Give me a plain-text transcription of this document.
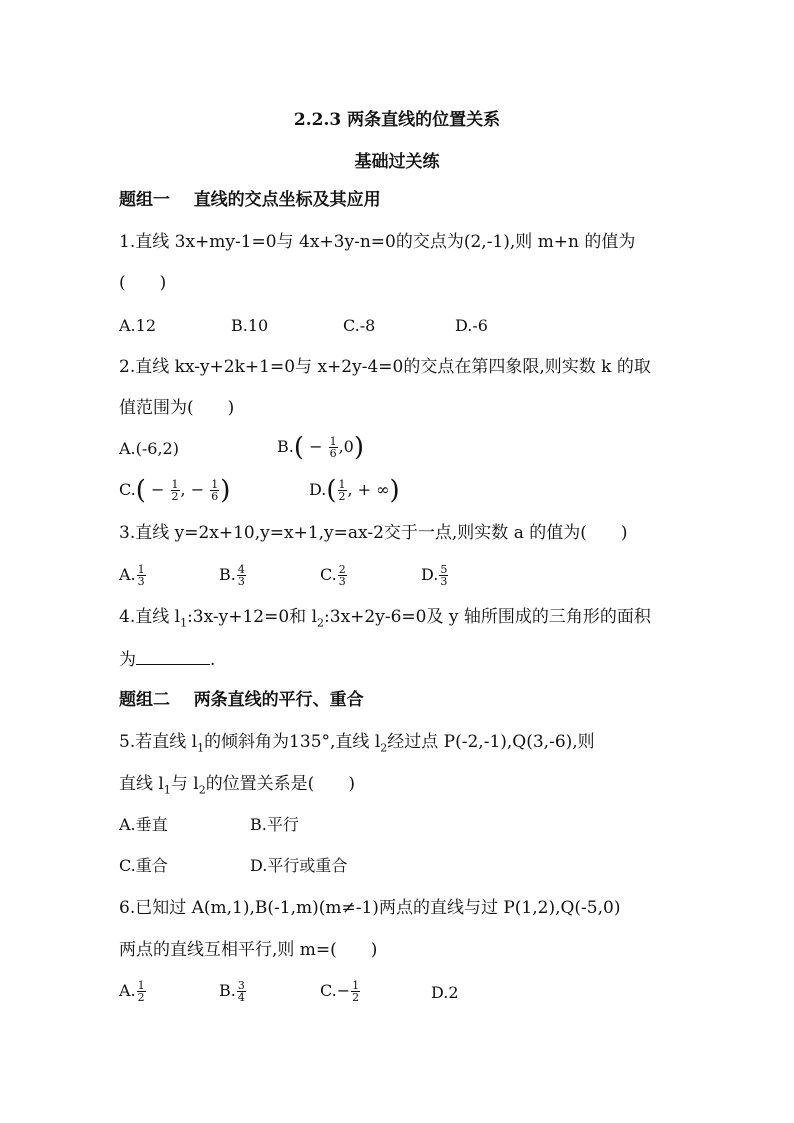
2.2.3 两条直线的位置关系
基础过关练
题组一 直线的交点坐标及其应用
1.直线 3x+my-1=0与 4x+3y-n=0的交点为(2,-1),则 m+n 的值为
(　　)
A.12	B.10	C.-8	D.-6
2.直线 kx-y+2k+1=0与 x+2y-4=0的交点在第四象限,则实数 k 的取
值范围为(　　)
A.(-6,2)	$B.( - \frac{1}{6} ,0)$
$C.( - \frac{1}{2}$ , − $\frac{1}{6}$ )	$D.( \frac{1}{2}$ , + ∞)
3.直线 y=2x+10,y=x+1,y=ax-2交于一点,则实数 a 的值为(　　)
A. $\frac{1}{3}$	B. $\frac{4}{3}$	C. $\frac{2}{3}$	D. $\frac{5}{3}$
4.直线 $l_1:3x-y+12=0$和 $l_2:3x+2y-6=0$及 y 轴所围成的三角形的面积
为	.
题组二 两条直线的平行、重合
5.若直线 $l_1$的倾斜角为135°,直线 $l_2$经过点 P(-2,-1),Q(3,-6),则
直线 $l_1$与 $l_2$的位置关系是(　　)
A.垂直	B.平行
C.重合	D.平行或重合
6.已知过 A(m,1),B(-1,m)(m≠-1)两点的直线与过 P(1,2),Q(-5,0)
两点的直线互相平行,则 m=(　　)
A. $\frac{1}{2}$	B. $\frac{3}{4}$	$C.- \frac{1}{2}$	D.2
